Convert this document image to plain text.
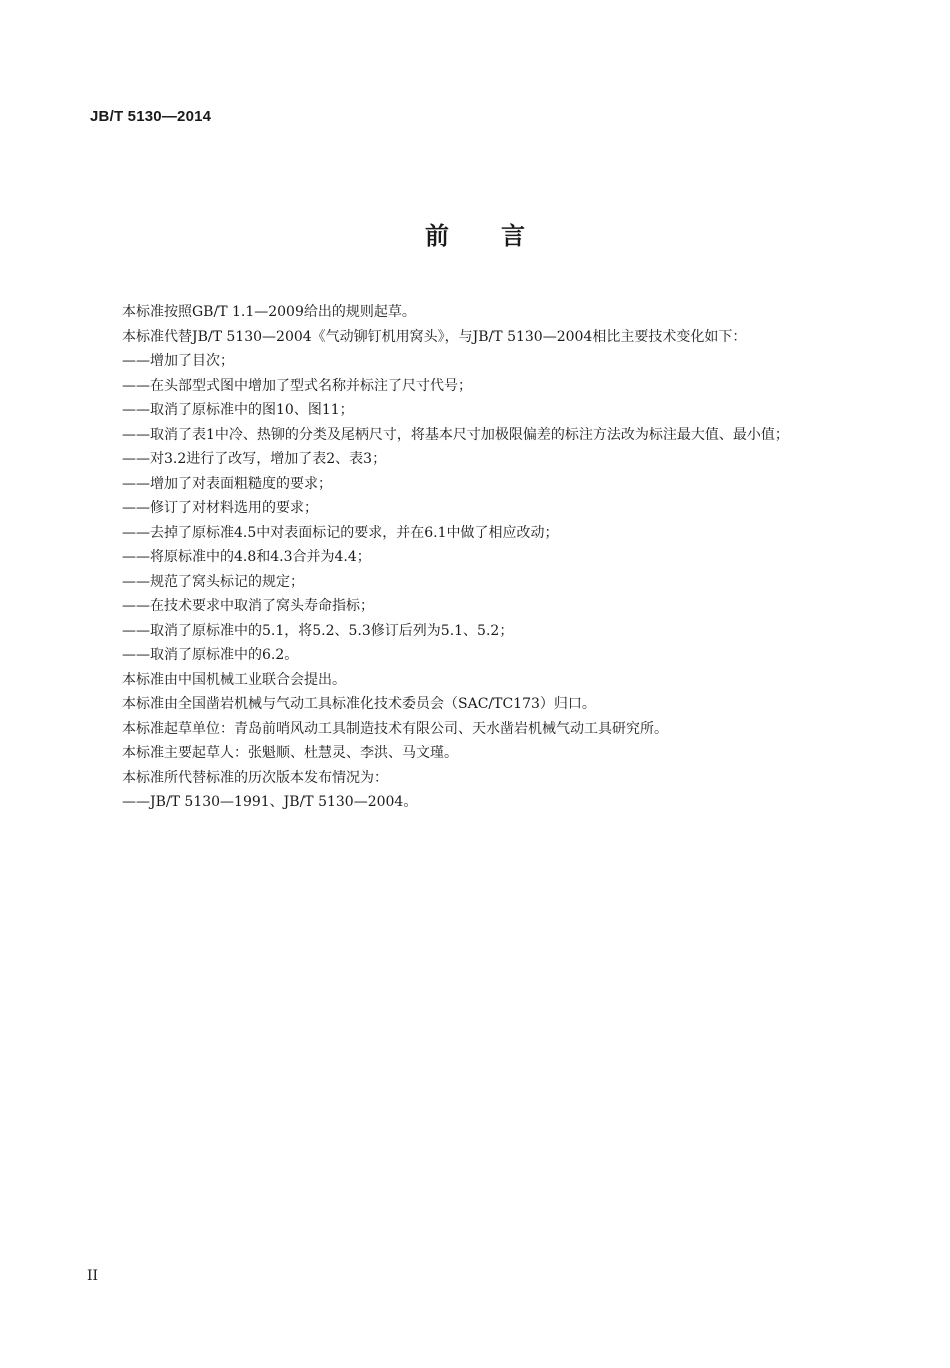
JB/T 5130—2014
前 言
本标准按照GB/T 1.1—2009给出的规则起草。
本标准代替JB/T 5130—2004《气动铆钉机用窝头》，与JB/T 5130—2004相比主要技术变化如下：
——增加了目次；
——在头部型式图中增加了型式名称并标注了尺寸代号；
——取消了原标准中的图10、图11；
——取消了表1中冷、热铆的分类及尾柄尺寸，将基本尺寸加极限偏差的标注方法改为标注最大值、最小值；
——对3.2进行了改写，增加了表2、表3；
——增加了对表面粗糙度的要求；
——修订了对材料选用的要求；
——去掉了原标准4.5中对表面标记的要求，并在6.1中做了相应改动；
——将原标准中的4.8和4.3合并为4.4；
——规范了窝头标记的规定；
——在技术要求中取消了窝头寿命指标；
——取消了原标准中的5.1，将5.2、5.3修订后列为5.1、5.2；
——取消了原标准中的6.2。
本标准由中国机械工业联合会提出。
本标准由全国凿岩机械与气动工具标准化技术委员会（SAC/TC173）归口。
本标准起草单位：青岛前哨风动工具制造技术有限公司、天水凿岩机械气动工具研究所。
本标准主要起草人：张魁顺、杜慧灵、李洪、马文瑾。
本标准所代替标准的历次版本发布情况为：
——JB/T 5130—1991、JB/T 5130—2004。
II
